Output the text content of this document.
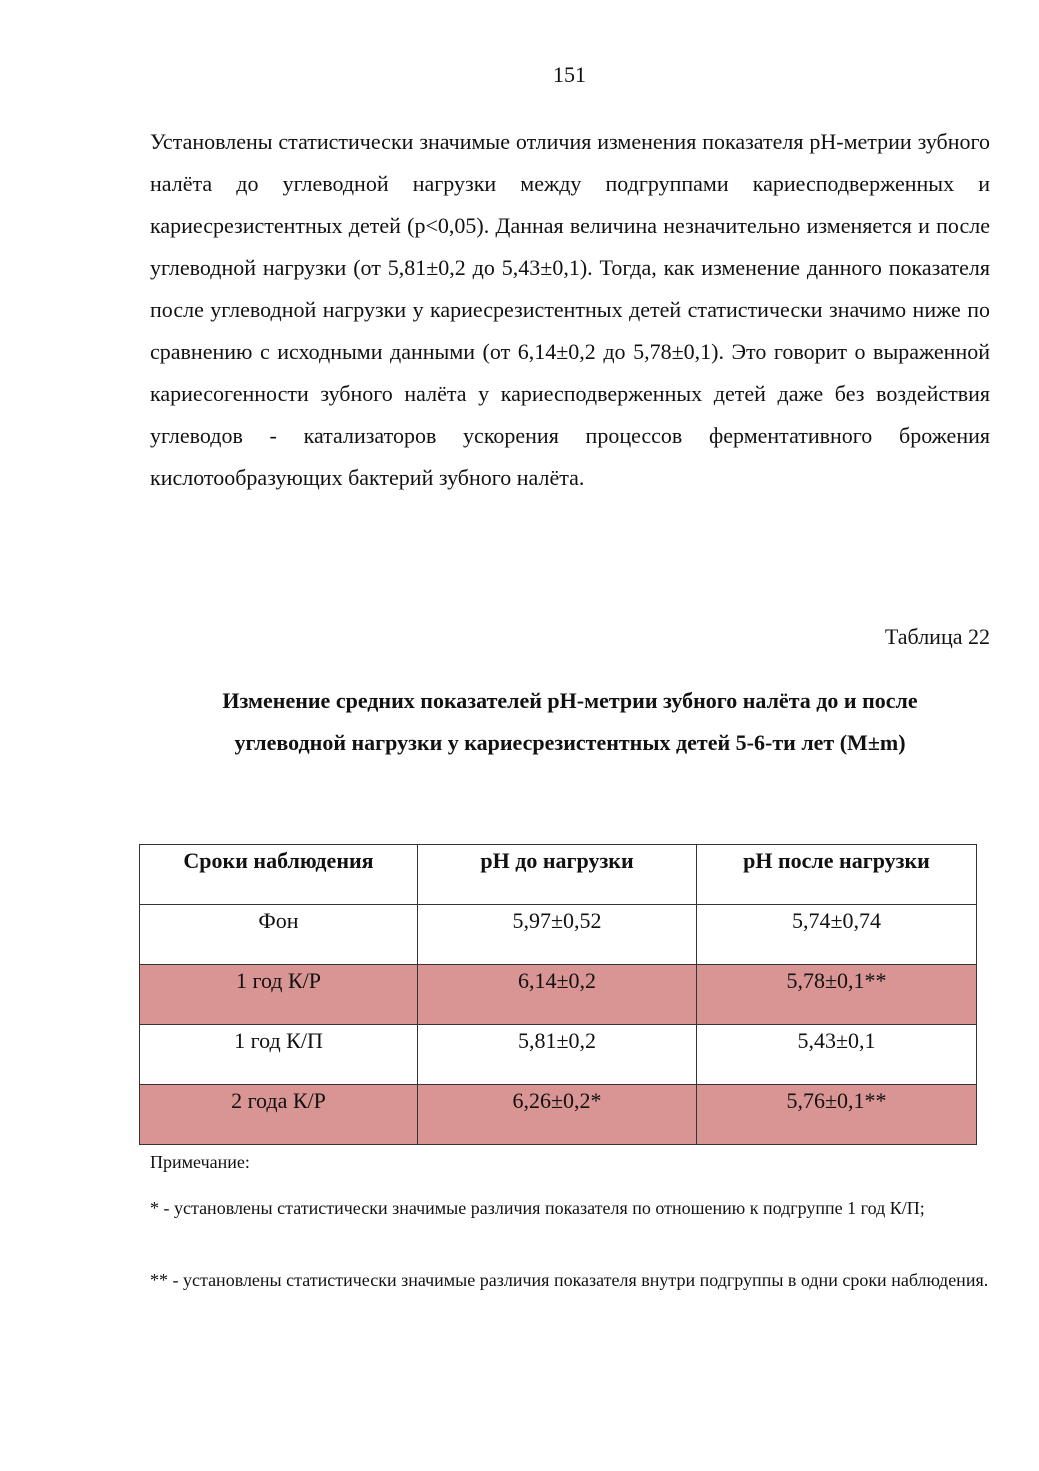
151

Установлены статистически значимые отличия изменения показателя pH-метрии зубного налёта до углеводной нагрузки между подгруппами кариесподверженных и кариесрезистентных детей (p<0,05). Данная величина незначительно изменяется и после углеводной нагрузки (от 5,81±0,2 до 5,43±0,1). Тогда, как изменение данного показателя после углеводной нагрузки у кариесрезистентных детей статистически значимо ниже по сравнению с исходными данными (от 6,14±0,2 до 5,78±0,1). Это говорит о выраженной кариесогенности зубного налёта у кариесподверженных детей даже без воздействия углеводов - катализаторов ускорения процессов ферментативного брожения кислотообразующих бактерий зубного налёта.

Таблица 22
Изменение средних показателей рН-метрии зубного налёта до и после
углеводной нагрузки у кариесрезистентных детей 5-6-ти лет (M±m)
Сроки наблюдения	рН до нагрузки	рН после нагрузки
Фон	5,97±0,52	5,74±0,74
1 год К/Р	6,14±0,2	5,78±0,1**
1 год К/П	5,81±0,2	5,43±0,1
2 года К/Р	6,26±0,2*	5,76±0,1**
Примечание:

* - установлены статистически значимые различия показателя по отношению к подгруппе 1 год К/П;

** - установлены статистически значимые различия показателя внутри подгруппы в одни сроки наблюдения.
